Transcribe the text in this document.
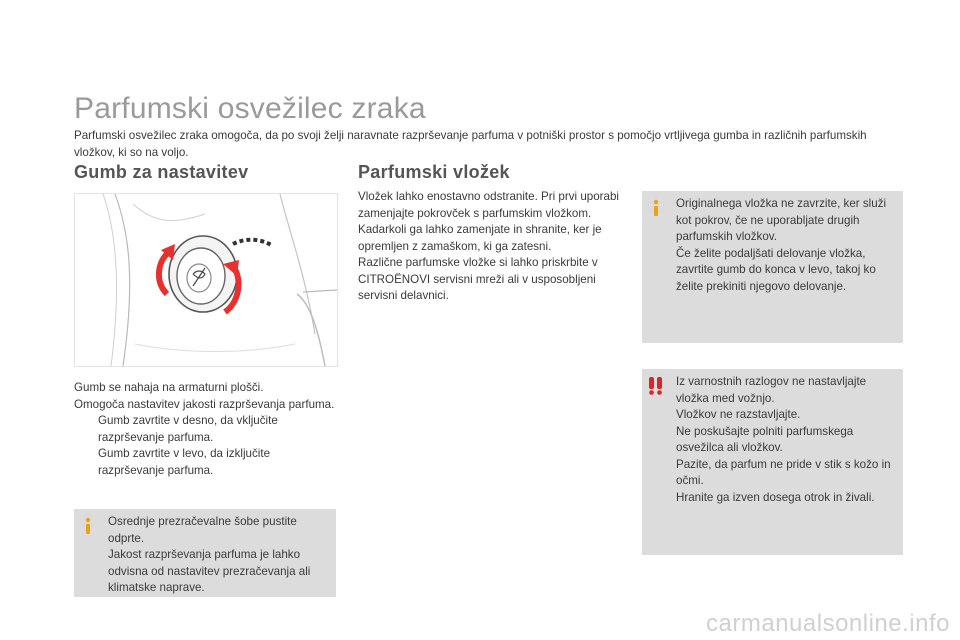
Parfumski osvežilec zraka

Parfumski osvežilec zraka omogoča, da po svoji želji naravnate razprševanje parfuma v potniški prostor s pomočjo vrtljivega gumba in različnih parfumskih vložkov, ki so na voljo.

Gumb za nastavitev	Parfumski vložek

Gumb se nahaja na armaturni plošči.

Omogoča nastavitev jakosti razprševanja parfuma.

Gumb zavrtite v desno, da vključite razprševanje parfuma.
Gumb zavrtite v levo, da izključite razprševanje parfuma.

Osrednje prezračevalne šobe pustite odprte.

Jakost razprševanja parfuma je lahko odvisna od nastavitev prezračevanja ali klimatske naprave.

Vložek lahko enostavno odstranite. Pri prvi uporabi zamenjajte pokrovček s parfumskim vložkom.

Kadarkoli ga lahko zamenjate in shranite, ker je opremljen z zamaškom, ki ga zatesni.

Različne parfumske vložke si lahko priskrbite v CITROËNOVI servisni mreži ali v usposobljeni servisni delavnici.

Originalnega vložka ne zavrzite, ker služi kot pokrov, če ne uporabljate drugih parfumskih vložkov.

Če želite podaljšati delovanje vložka, zavrtite gumb do konca v levo, takoj ko želite prekiniti njegovo delovanje.

Iz varnostnih razlogov ne nastavljajte vložka med vožnjo.

Vložkov ne razstavljajte.

Ne poskušajte polniti parfumskega osvežilca ali vložkov.

Pazite, da parfum ne pride v stik s kožo in očmi.

Hranite ga izven dosega otrok in živali.

carmanualsonline.info
